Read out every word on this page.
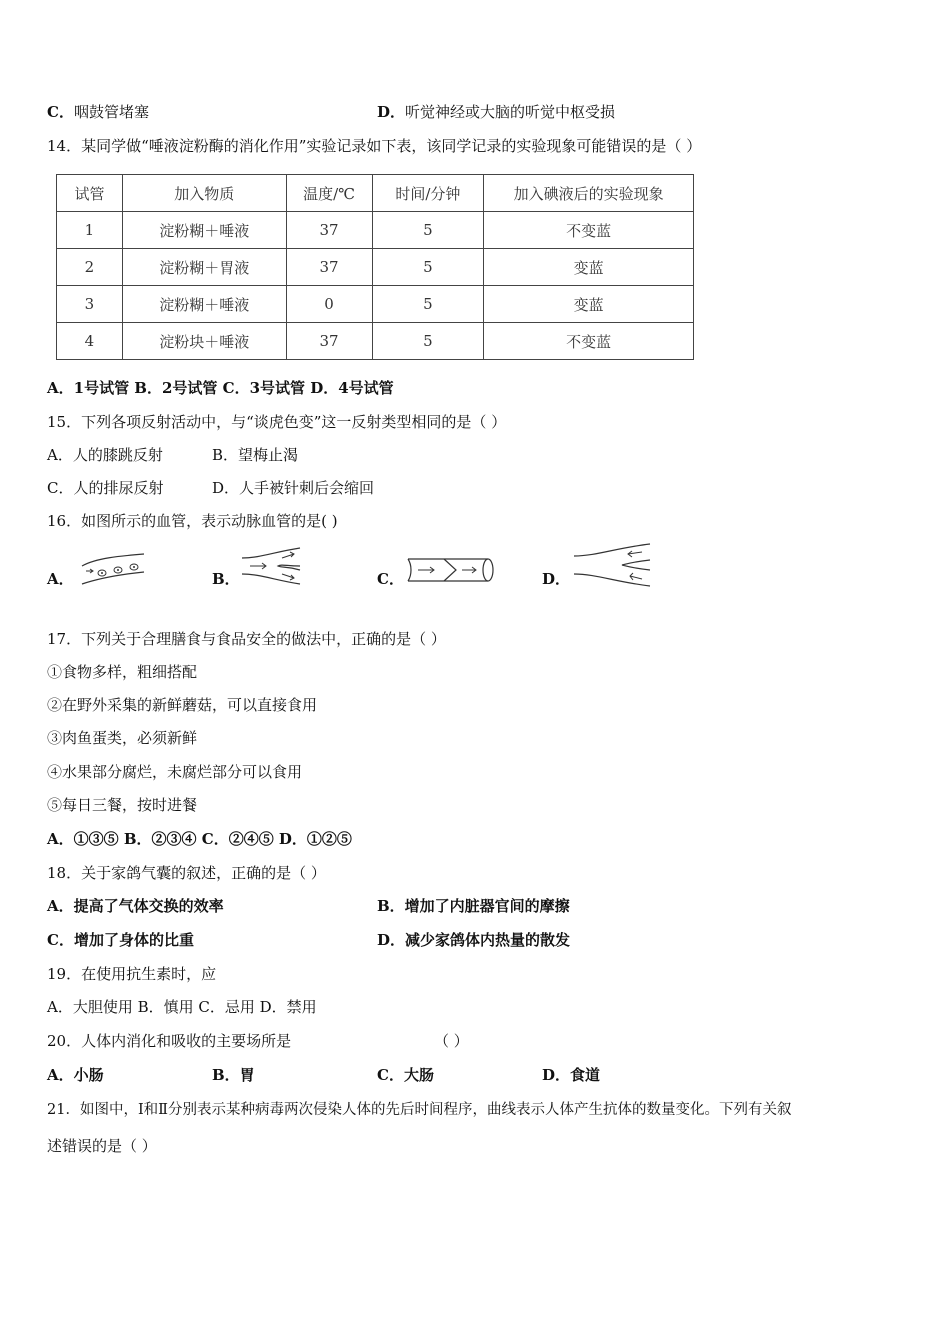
C．咽鼓管堵塞	D．听觉神经或大脑的听觉中枢受损
14．某同学做“唾液淀粉酶的消化作用”实验记录如下表，该同学记录的实验现象可能错误的是（ ）
试管	加入物质	温度/℃	时间/分钟	加入碘液后的实验现象
1	淀粉糊＋唾液	37	5	不变蓝
2	淀粉糊＋胃液	37	5	变蓝
3	淀粉糊＋唾液	0	5	变蓝
4	淀粉块＋唾液	37	5	不变蓝
A．1号试管 B．2号试管 C．3号试管 D．4号试管
15．下列各项反射活动中，与“谈虎色变”这一反射类型相同的是（ ）
A．人的膝跳反射	B．望梅止渴
C．人的排尿反射	D．人手被针刺后会缩回
16．如图所示的血管，表示动脉血管的是( )
A．	B．	C．	D．
17．下列关于合理膳食与食品安全的做法中，正确的是（ ）
①食物多样，粗细搭配
②在野外采集的新鲜蘑菇，可以直接食用
③肉鱼蛋类，必须新鲜
④水果部分腐烂，未腐烂部分可以食用
⑤每日三餐，按时进餐
A．①③⑤ B．②③④ C．②④⑤ D．①②⑤
18．关于家鸽气囊的叙述，正确的是（ ）
A．提高了气体交换的效率	B．增加了内脏器官间的摩擦
C．增加了身体的比重	D．减少家鸽体内热量的散发
19．在使用抗生素时，应
A．大胆使用 B．慎用 C．忌用 D．禁用
20．人体内消化和吸收的主要场所是	（ ）
A．小肠	B．胃	C．大肠	D．食道
21．如图中，Ⅰ和Ⅱ分别表示某种病毒两次侵染人体的先后时间程序，曲线表示人体产生抗体的数量变化。下列有关叙
述错误的是（ ）
